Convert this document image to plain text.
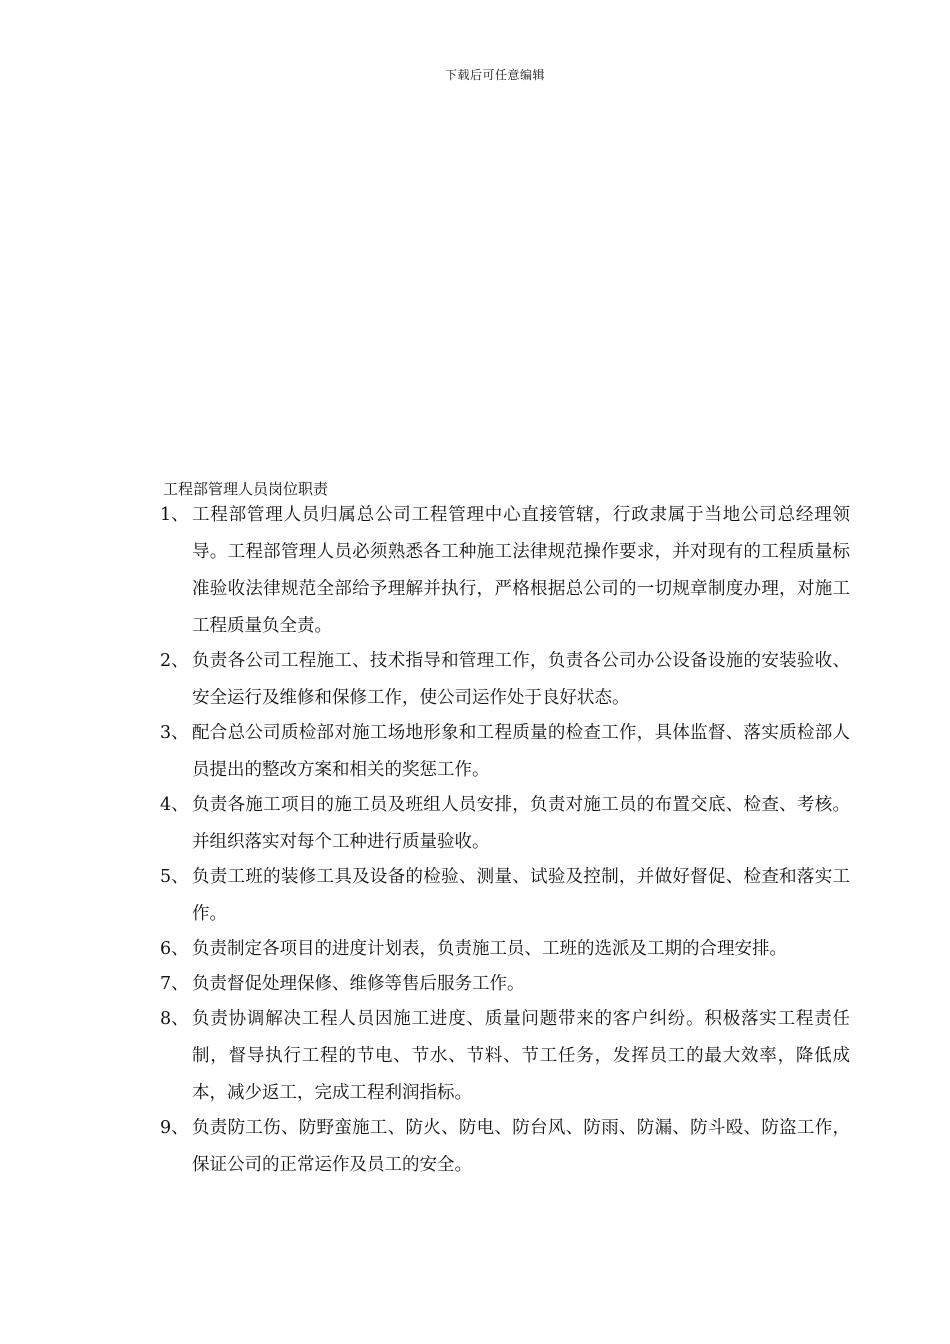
下载后可任意编辑
工程部管理人员岗位职责
1、 工程部管理人员归属总公司工程管理中心直接管辖，行政隶属于当地公司总经理领导。工程部管理人员必须熟悉各工种施工法律规范操作要求，并对现有的工程质量标准验收法律规范全部给予理解并执行，严格根据总公司的一切规章制度办理，对施工工程质量负全责。
2、 负责各公司工程施工、技术指导和管理工作，负责各公司办公设备设施的安装验收、安全运行及维修和保修工作，使公司运作处于良好状态。
3、 配合总公司质检部对施工场地形象和工程质量的检查工作，具体监督、落实质检部人员提出的整改方案和相关的奖惩工作。
4、 负责各施工项目的施工员及班组人员安排，负责对施工员的布置交底、检查、考核。并组织落实对每个工种进行质量验收。
5、 负责工班的装修工具及设备的检验、测量、试验及控制，并做好督促、检查和落实工作。
6、 负责制定各项目的进度计划表，负责施工员、工班的选派及工期的合理安排。
7、 负责督促处理保修、维修等售后服务工作。
8、 负责协调解决工程人员因施工进度、质量问题带来的客户纠纷。积极落实工程责任制，督导执行工程的节电、节水、节料、节工任务，发挥员工的最大效率，降低成本，减少返工，完成工程利润指标。
9、 负责防工伤、防野蛮施工、防火、防电、防台风、防雨、防漏、防斗殴、防盗工作，保证公司的正常运作及员工的安全。
